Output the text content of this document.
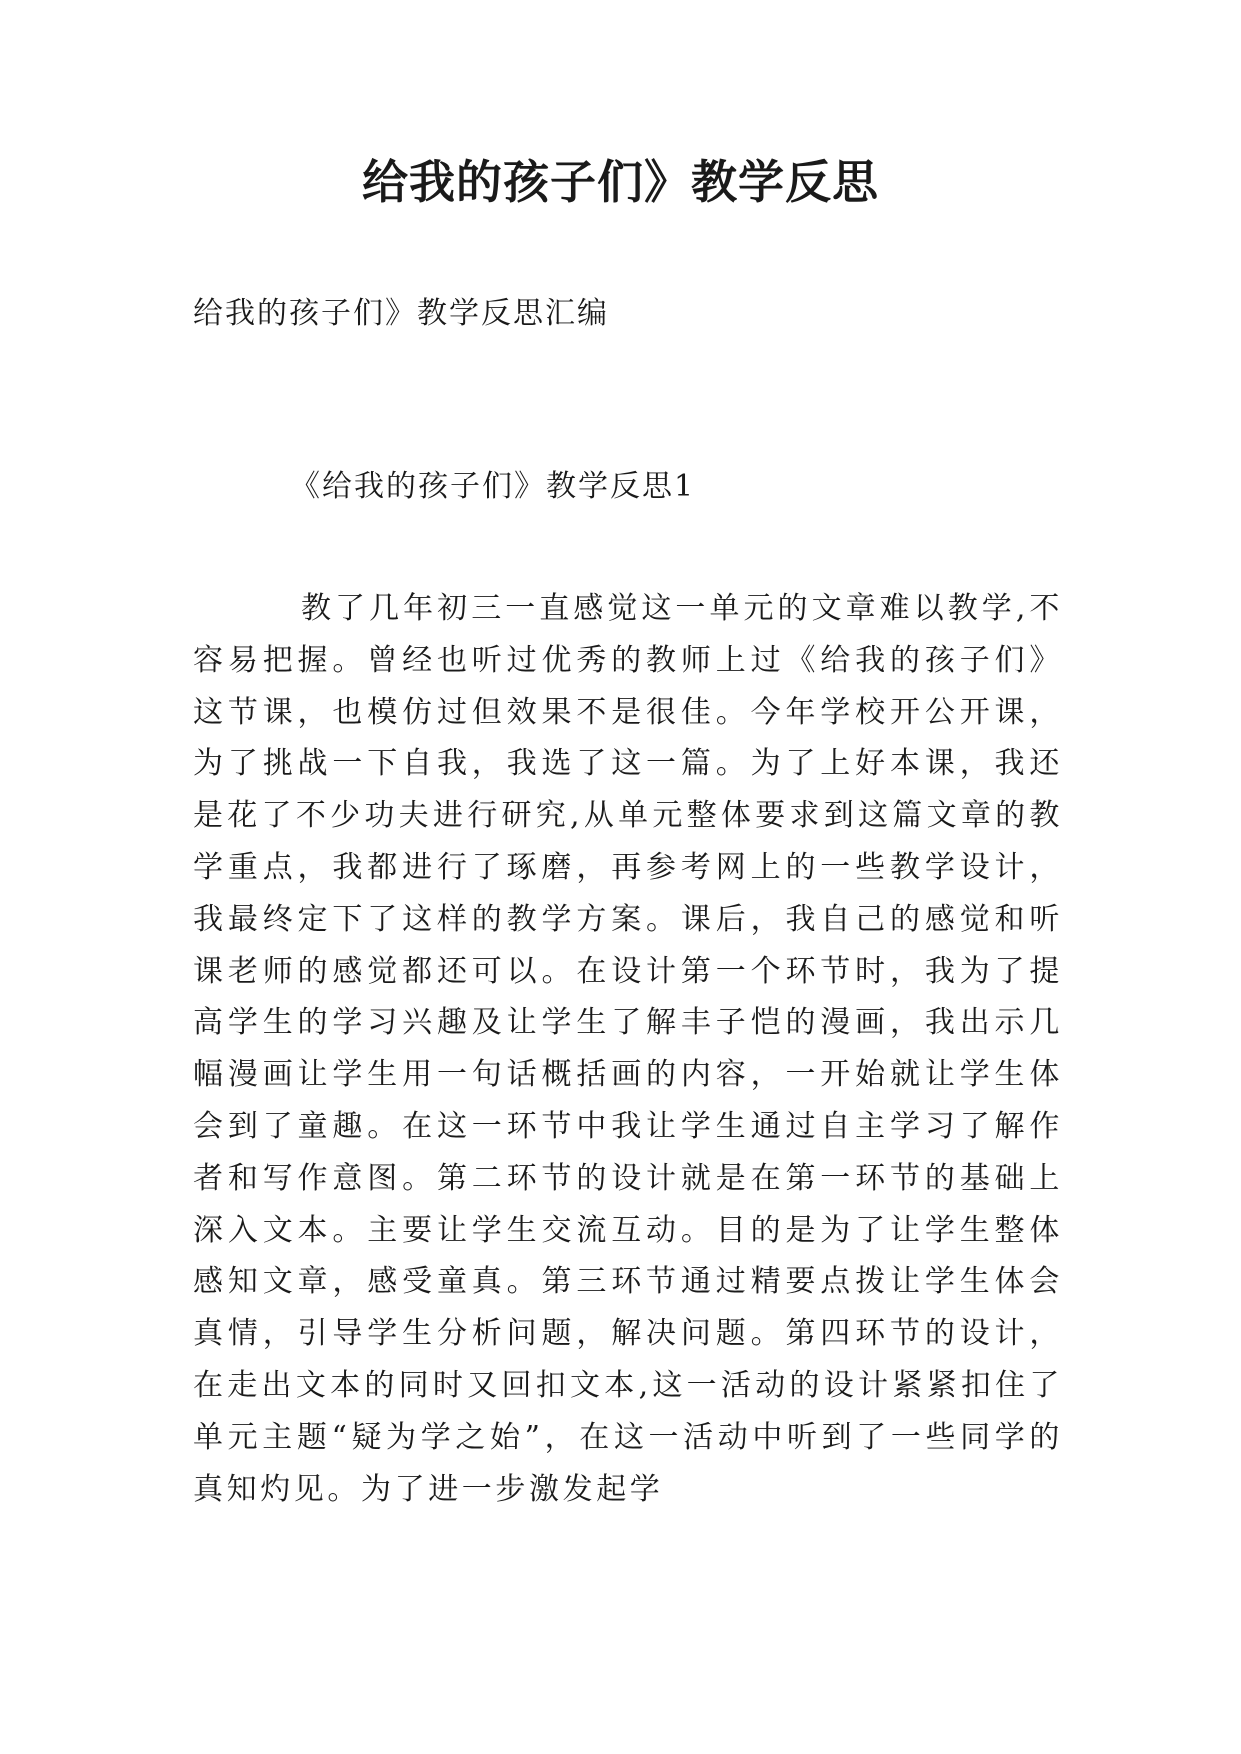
给我的孩子们》教学反思

给我的孩子们》教学反思汇编

《给我的孩子们》教学反思1

教了几年初三一直感觉这一单元的文章难以教学,不容易把握。曾经也听过优秀的教师上过《给我的孩子们》这节课，也模仿过但效果不是很佳。今年学校开公开课，为了挑战一下自我，我选了这一篇。为了上好本课，我还是花了不少功夫进行研究,从单元整体要求到这篇文章的教学重点，我都进行了琢磨，再参考网上的一些教学设计，我最终定下了这样的教学方案。课后，我自己的感觉和听课老师的感觉都还可以。在设计第一个环节时，我为了提高学生的学习兴趣及让学生了解丰子恺的漫画，我出示几幅漫画让学生用一句话概括画的内容，一开始就让学生体会到了童趣。在这一环节中我让学生通过自主学习了解作者和写作意图。第二环节的设计就是在第一环节的基础上深入文本。主要让学生交流互动。目的是为了让学生整体感知文章，感受童真。第三环节通过精要点拨让学生体会真情，引导学生分析问题，解决问题。第四环节的设计，在走出文本的同时又回扣文本,这一活动的设计紧紧扣住了单元主题“疑为学之始”，在这一活动中听到了一些同学的真知灼见。为了进一步激发起学
